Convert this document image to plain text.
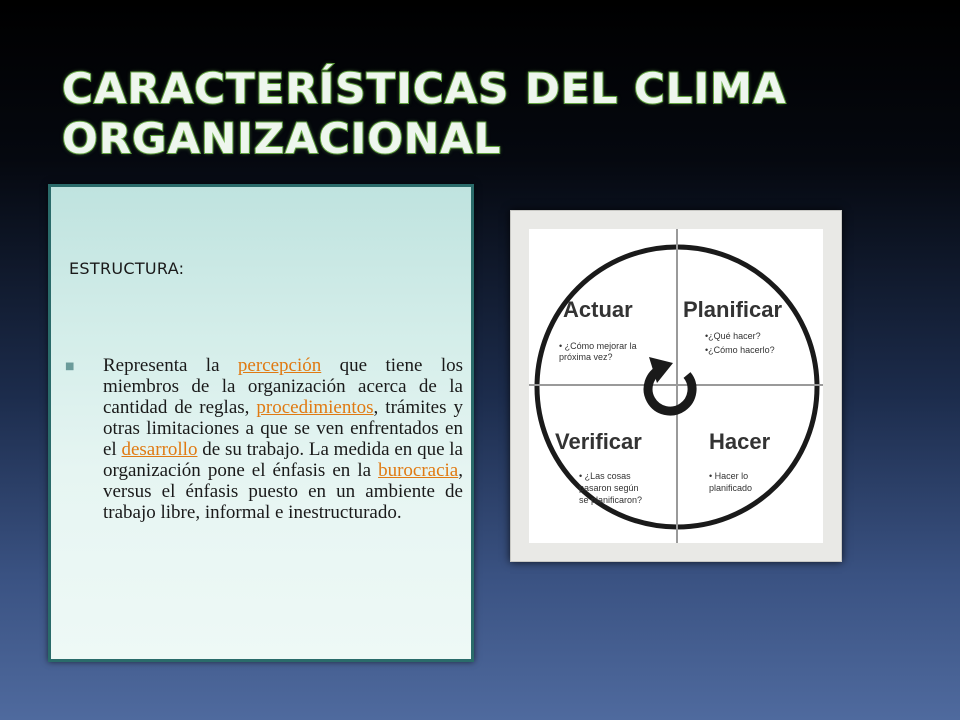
CARACTERÍSTICAS DEL CLIMA ORGANIZACIONAL
ESTRUCTURA:
■ Representa la percepción que tiene los miembros de la organización acerca de la cantidad de reglas, procedimientos, trámites y otras limitaciones a que se ven enfrentados en el desarrollo de su trabajo. La medida en que la organización pone el énfasis en la burocracia, versus el énfasis puesto en un ambiente de trabajo libre, informal e inestructurado.
Actuar
• ¿Cómo mejorar la
próxima vez?
Planificar
•¿Qué hacer?
•¿Cómo hacerlo?
Verificar
• ¿Las cosas
pasaron según
se planificaron?
Hacer
• Hacer lo
planificado
